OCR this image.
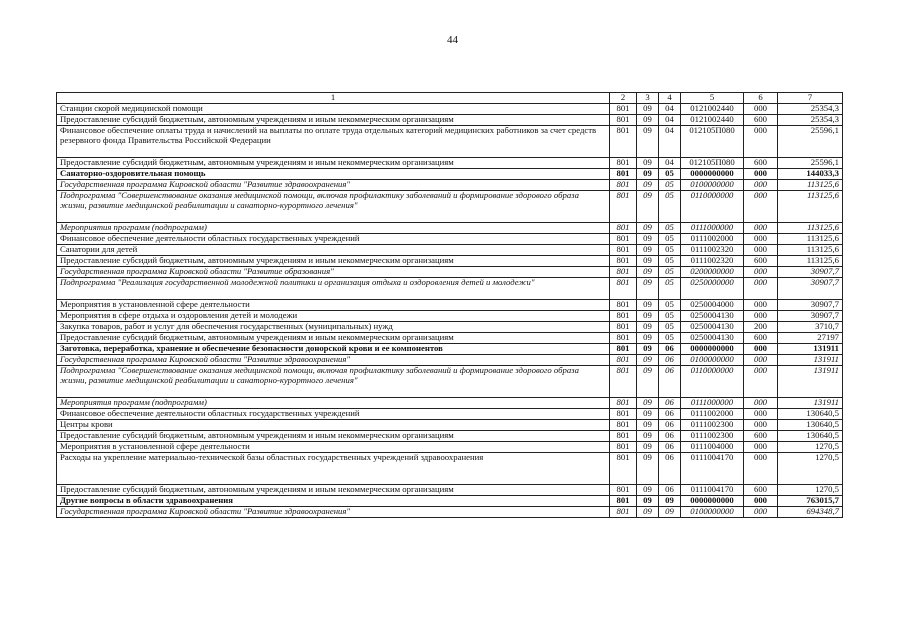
44
1	2	3	4	5	6	7
Станции скорой медицинской помощи	801	09	04	0121002440	000	25354,3
Предоставление субсидий бюджетным, автономным учреждениям и иным некоммерческим организациям	801	09	04	0121002440	600	25354,3
Финансовое обеспечение оплаты труда и начислений на выплаты по оплате труда отдельных категорий медицинских работников за счет средств резервного фонда Правительства Российской Федерации	801	09	04	012105П080	000	25596,1
Предоставление субсидий бюджетным, автономным учреждениям и иным некоммерческим организациям	801	09	04	012105П080	600	25596,1
Санаторно-оздоровительная помощь	801	09	05	0000000000	000	144033,3
Государственная программа Кировской области "Развитие здравоохранения"	801	09	05	0100000000	000	113125,6
Подпрограмма "Совершенствование оказания медицинской помощи, включая профилактику заболеваний и формирование здорового образа жизни, развитие медицинской реабилитации и санаторно-курортного лечения"	801	09	05	0110000000	000	113125,6
Мероприятия программ (подпрограмм)	801	09	05	0111000000	000	113125,6
Финансовое обеспечение деятельности областных государственных учреждений	801	09	05	0111002000	000	113125,6
Санатории для детей	801	09	05	0111002320	000	113125,6
Предоставление субсидий бюджетным, автономным учреждениям и иным некоммерческим организациям	801	09	05	0111002320	600	113125,6
Государственная программа Кировской области "Развитие образования"	801	09	05	0200000000	000	30907,7
Подпрограмма "Реализация государственной молодежной политики и организация отдыха и оздоровления детей и молодежи"	801	09	05	0250000000	000	30907,7
Мероприятия в установленной сфере деятельности	801	09	05	0250004000	000	30907,7
Мероприятия в сфере отдыха и оздоровления детей и молодежи	801	09	05	0250004130	000	30907,7
Закупка товаров, работ и услуг для обеспечения государственных (муниципальных) нужд	801	09	05	0250004130	200	3710,7
Предоставление субсидий бюджетным, автономным учреждениям и иным некоммерческим организациям	801	09	05	0250004130	600	27197
Заготовка, переработка, хранение и обеспечение безопасности донорской крови и ее компонентов	801	09	06	0000000000	000	131911
Государственная программа Кировской области "Развитие здравоохранения"	801	09	06	0100000000	000	131911
Подпрограмма "Совершенствование оказания медицинской помощи, включая профилактику заболеваний и формирование здорового образа жизни, развитие медицинской реабилитации и санаторно-курортного лечения"	801	09	06	0110000000	000	131911
Мероприятия программ (подпрограмм)	801	09	06	0111000000	000	131911
Финансовое обеспечение деятельности областных государственных учреждений	801	09	06	0111002000	000	130640,5
Центры крови	801	09	06	0111002300	000	130640,5
Предоставление субсидий бюджетным, автономным учреждениям и иным некоммерческим организациям	801	09	06	0111002300	600	130640,5
Мероприятия в установленной сфере деятельности	801	09	06	0111004000	000	1270,5
Расходы на укрепление материально-технической базы областных государственных учреждений здравоохранения	801	09	06	0111004170	000	1270,5
Предоставление субсидий бюджетным, автономным учреждениям и иным некоммерческим организациям	801	09	06	0111004170	600	1270,5
Другие вопросы в области здравоохранения	801	09	09	0000000000	000	763015,7
Государственная программа Кировской области "Развитие здравоохранения"	801	09	09	0100000000	000	694348,7
